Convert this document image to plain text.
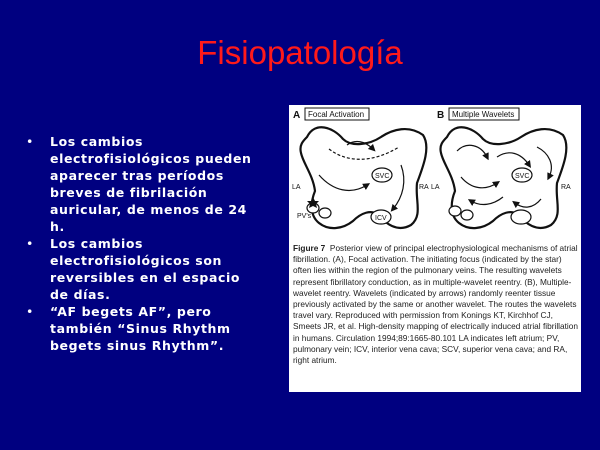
Fisiopatología
• Los cambios electrofisiológicos pueden aparecer tras períodos breves de fibrilación auricular, de menos de 24 h.
• Los cambios electrofisiológicos son reversibles en el espacio de días.
• “AF begets AF”, pero también “Sinus Rhythm begets sinus Rhythm”.
A Focal Activation
SVC
ICV
LA	RA
PV's
B Multiple Wavelets
SVC
LA	RA
Figure 7 Posterior view of principal electrophysiological mechanisms of atrial fibrillation. (A), Focal activation. The initiating focus (indicated by the star) often lies within the region of the pulmonary veins. The resulting wavelets represent fibrillatory conduction, as in multiple-wavelet reentry. (B), Multiple-wavelet reentry. Wavelets (indicated by arrows) randomly reenter tissue previously activated by the same or another wavelet. The routes the wavelets travel vary. Reproduced with permission from Konings KT, Kirchhof CJ, Smeets JR, et al. High-density mapping of electrically induced atrial fibrillation in humans. Circulation 1994;89:1665-80.101 LA indicates left atrium; PV, pulmonary vein; ICV, interior vena cava; SCV, superior vena cava; and RA, right atrium.
